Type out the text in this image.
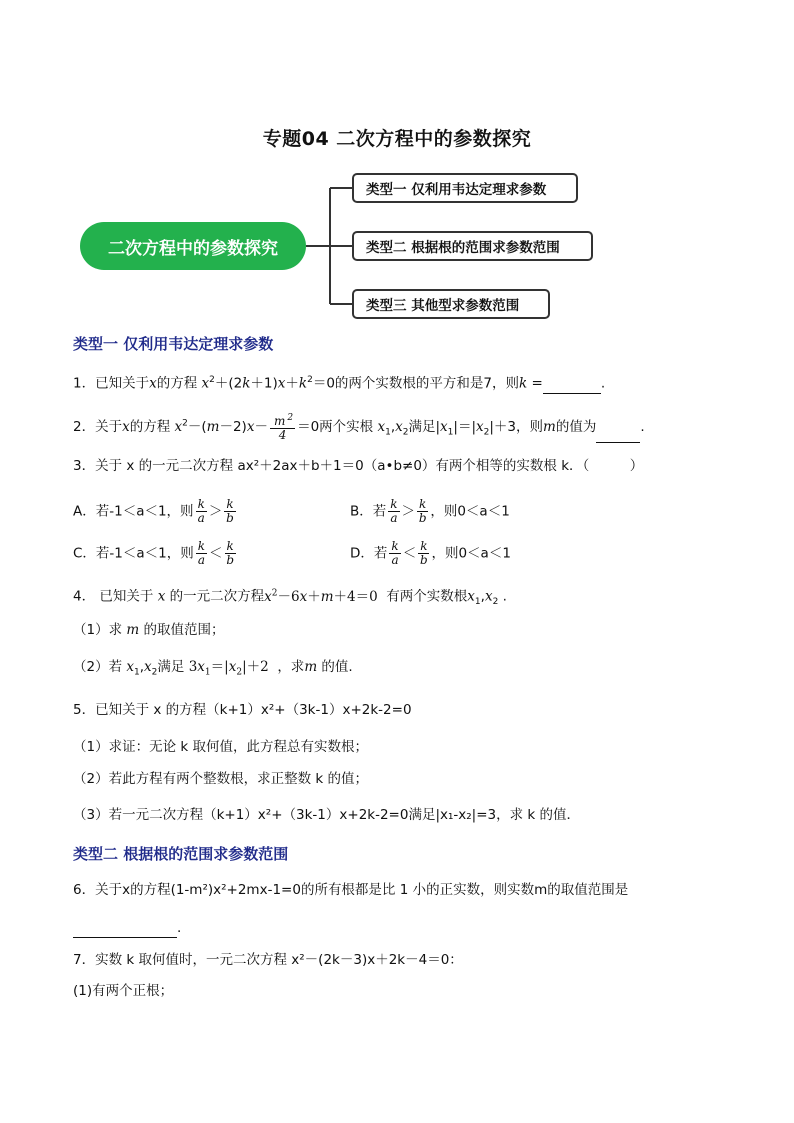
专题04 二次方程中的参数探究
二次方程中的参数探究
类型一 仅利用韦达定理求参数
类型二 根据根的范围求参数范围
类型三 其他型求参数范围
类型一 仅利用韦达定理求参数
1．已知关于x的方程 $x^2+(2k+1)x+k^2=0$的两个实数根的平方和是7，则k =	.
2．关于x的方程 $x^2-(m-2)x- \frac{m ^2}{4} =0$两个实根 $x_1,x_2$满足$|x_1|=|x_2|+3$，则m的值为	.
3．关于 x 的一元二次方程 ax²＋2ax＋b＋1＝0（a•b≠0）有两个相等的实数根 k．（　　　）
A．若-1＜a＜1，则 $\frac{k}{a} > \frac{k}{b}$	B．若 $\frac{k}{a} > \frac{k}{b}$ ，则0＜a＜1
C．若-1＜a＜1，则 $\frac{k}{a} < \frac{k}{b}$	D．若 $\frac{k}{a} < \frac{k}{b}$ ，则0＜a＜1
4． 已知关于 x 的一元二次方程$x^2-6x+m+4=0$ 有两个实数根$x_1,x_2$ .
（1）求 m 的取值范围；
（2）若 $x_1,x_2$满足 $3x_1=|x_2|+2$ ，求m 的值.
5．已知关于 x 的方程（k+1）x²+（3k-1）x+2k-2=0
（1）求证：无论 k 取何值，此方程总有实数根；
（2）若此方程有两个整数根，求正整数 k 的值；
（3）若一元二次方程（k+1）x²+（3k-1）x+2k-2=0满足|x₁-x₂|=3，求 k 的值．
类型二 根据根的范围求参数范围
6．关于x的方程(1-m²)x²+2mx-1=0的所有根都是比 1 小的正实数，则实数m的取值范围是
.
7．实数 k 取何值时，一元二次方程 x²－(2k－3)x＋2k－4＝0：
(1)有两个正根；
